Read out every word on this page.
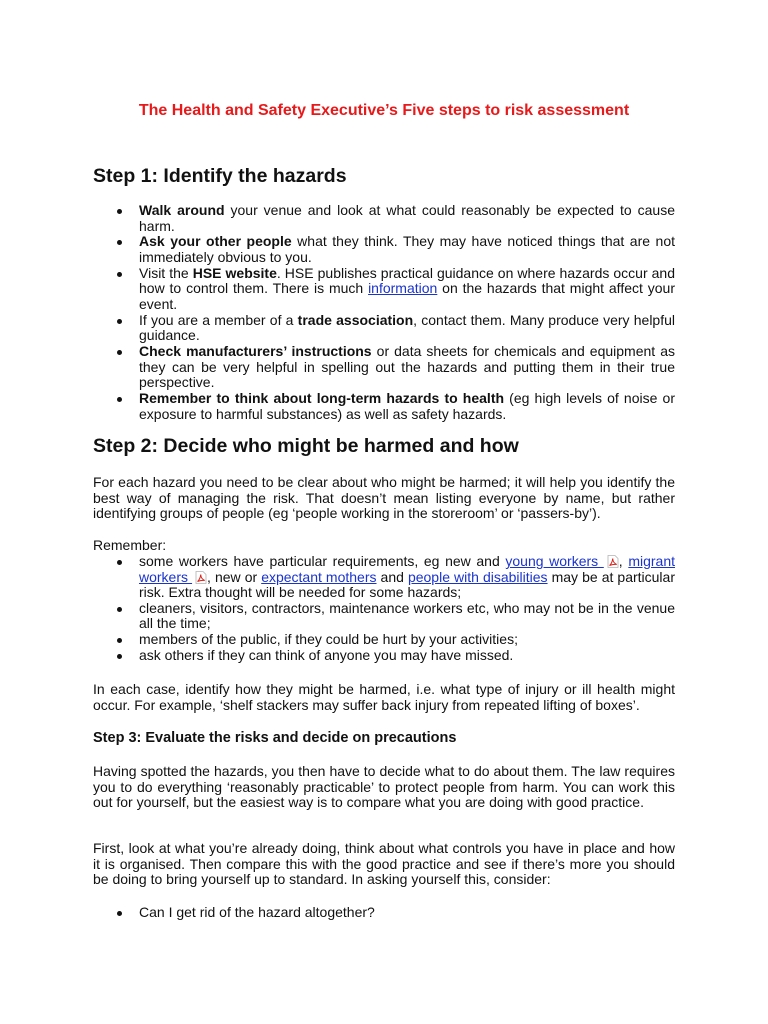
The Health and Safety Executive’s Five steps to risk assessment
Step 1: Identify the hazards
Walk around your venue and look at what could reasonably be expected to cause harm.
Ask your other people what they think. They may have noticed things that are not immediately obvious to you.
Visit the HSE website. HSE publishes practical guidance on where hazards occur and how to control them. There is much information on the hazards that might affect your event.
If you are a member of a trade association, contact them. Many produce very helpful guidance.
Check manufacturers’ instructions or data sheets for chemicals and equipment as they can be very helpful in spelling out the hazards and putting them in their true perspective.
Remember to think about long-term hazards to health (eg high levels of noise or exposure to harmful substances) as well as safety hazards.
Step 2: Decide who might be harmed and how

For each hazard you need to be clear about who might be harmed; it will help you identify the best way of managing the risk. That doesn’t mean listing everyone by name, but rather identifying groups of people (eg ‘people working in the storeroom’ or ‘passers-by’).

Remember:

some workers have particular requirements, eg new and young workers , migrant workers , new or expectant mothers and people with disabilities may be at particular risk. Extra thought will be needed for some hazards;
cleaners, visitors, contractors, maintenance workers etc, who may not be in the venue all the time;
members of the public, if they could be hurt by your activities;
ask others if they can think of anyone you may have missed.

In each case, identify how they might be harmed, i.e. what type of injury or ill health might occur. For example, ‘shelf stackers may suffer back injury from repeated lifting of boxes’.

Step 3: Evaluate the risks and decide on precautions

Having spotted the hazards, you then have to decide what to do about them. The law requires you to do everything ‘reasonably practicable’ to protect people from harm. You can work this out for yourself, but the easiest way is to compare what you are doing with good practice.

First, look at what you’re already doing, think about what controls you have in place and how it is organised. Then compare this with the good practice and see if there’s more you should be doing to bring yourself up to standard. In asking yourself this, consider:

Can I get rid of the hazard altogether?
